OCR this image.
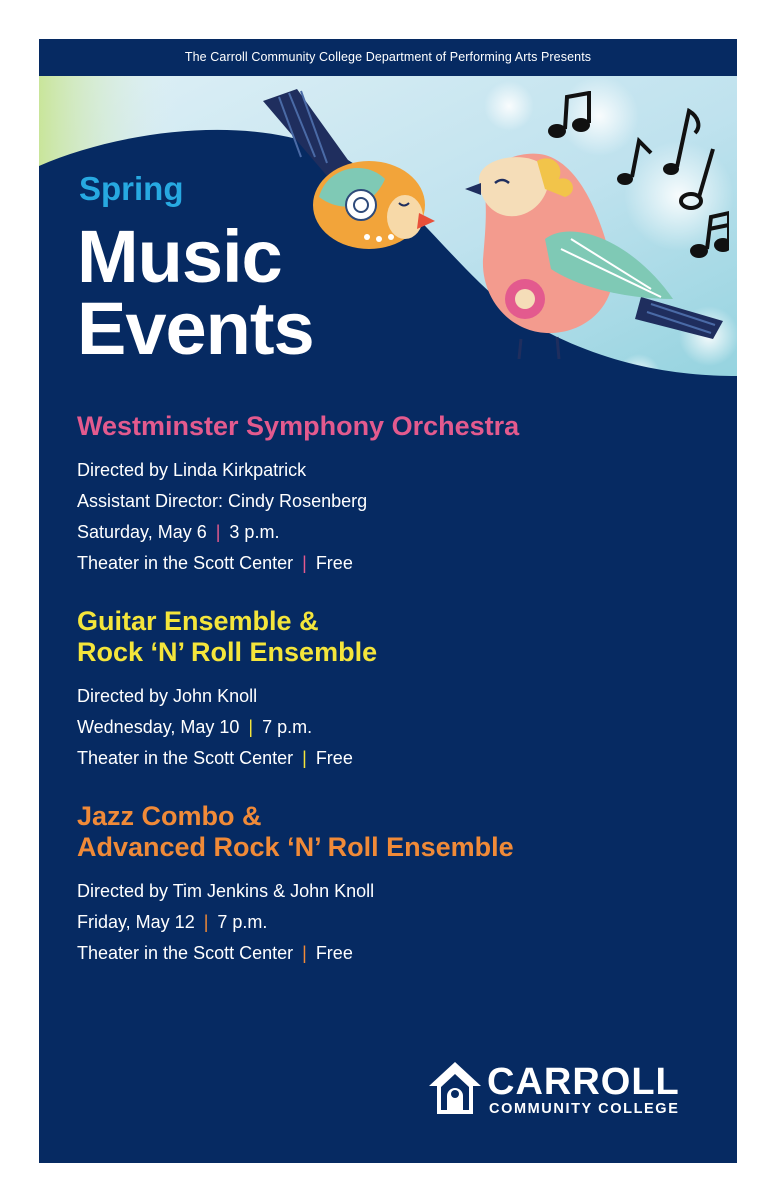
The Carroll Community College Department of Performing Arts Presents
Spring
Music
Events
Westminster Symphony Orchestra

Directed by Linda Kirkpatrick

Assistant Director: Cindy Rosenberg

Saturday, May 6 | 3 p.m.

Theater in the Scott Center | Free

Guitar Ensemble &
Rock ‘N’ Roll Ensemble

Directed by John Knoll

Wednesday, May 10 | 7 p.m.

Theater in the Scott Center | Free

Jazz Combo &
Advanced Rock ‘N’ Roll Ensemble

Directed by Tim Jenkins & John Knoll

Friday, May 12 | 7 p.m.

Theater in the Scott Center | Free

CARROLL

COMMUNITY COLLEGE
